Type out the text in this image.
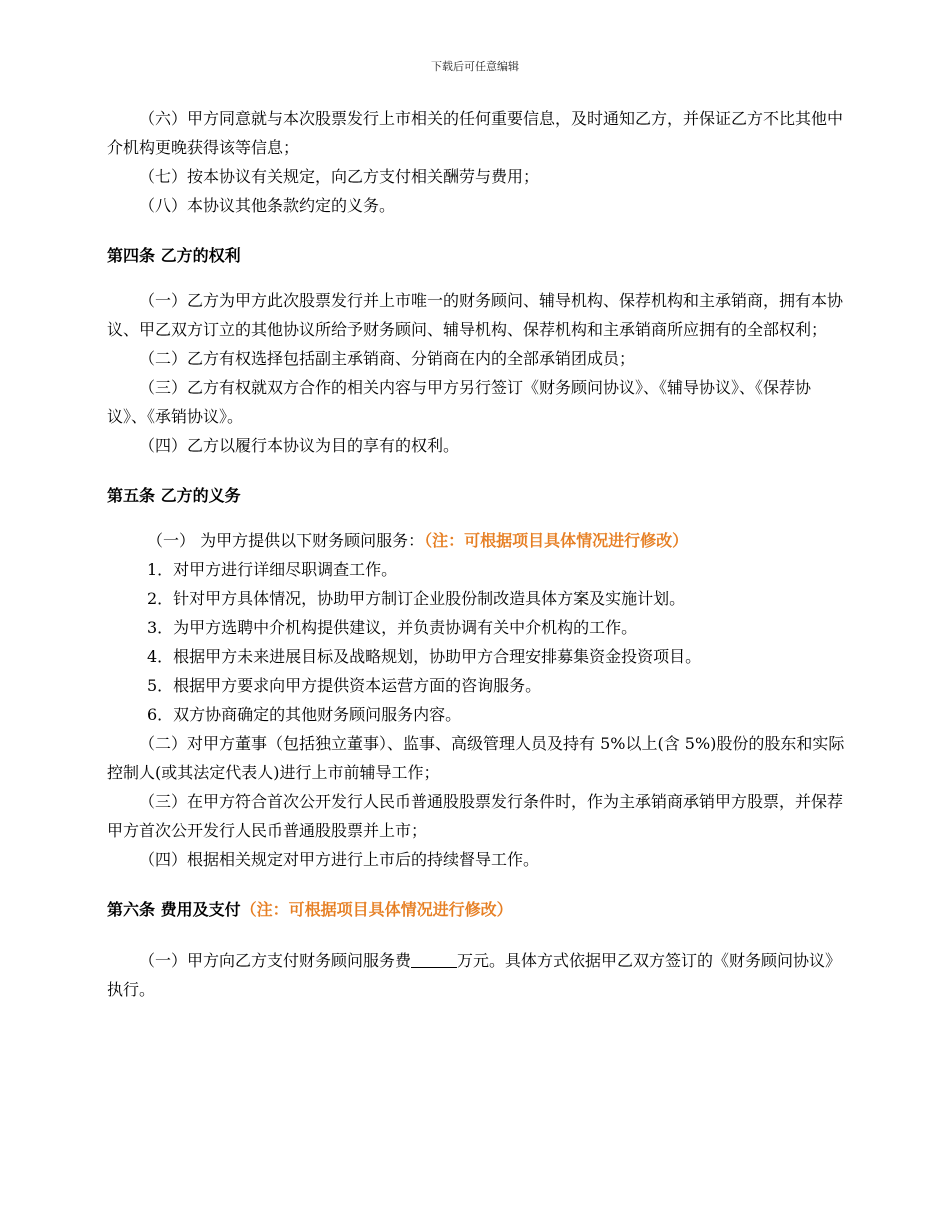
下载后可任意编辑

（六）甲方同意就与本次股票发行上市相关的任何重要信息，及时通知乙方，并保证乙方不比其他中介机构更晚获得该等信息；

（七）按本协议有关规定，向乙方支付相关酬劳与费用；

（八）本协议其他条款约定的义务。

第四条 乙方的权利

（一）乙方为甲方此次股票发行并上市唯一的财务顾问、辅导机构、保荐机构和主承销商，拥有本协议、甲乙双方订立的其他协议所给予财务顾问、辅导机构、保荐机构和主承销商所应拥有的全部权利；

（二）乙方有权选择包括副主承销商、分销商在内的全部承销团成员；

（三）乙方有权就双方合作的相关内容与甲方另行签订《财务顾问协议》、《辅导协议》、《保荐协议》、《承销协议》。

（四）乙方以履行本协议为目的享有的权利。

第五条 乙方的义务

（一） 为甲方提供以下财务顾问服务：（注：可根据项目具体情况进行修改）

1．对甲方进行详细尽职调查工作。

2．针对甲方具体情况，协助甲方制订企业股份制改造具体方案及实施计划。

3．为甲方选聘中介机构提供建议，并负责协调有关中介机构的工作。

4．根据甲方未来进展目标及战略规划，协助甲方合理安排募集资金投资项目。

5．根据甲方要求向甲方提供资本运营方面的咨询服务。

6．双方协商确定的其他财务顾问服务内容。

（二）对甲方董事（包括独立董事）、监事、高级管理人员及持有 5%以上(含 5%)股份的股东和实际控制人(或其法定代表人)进行上市前辅导工作；

（三）在甲方符合首次公开发行人民币普通股股票发行条件时，作为主承销商承销甲方股票，并保荐甲方首次公开发行人民币普通股股票并上市；

（四）根据相关规定对甲方进行上市后的持续督导工作。

第六条 费用及支付（注：可根据项目具体情况进行修改）

（一）甲方向乙方支付财务顾问服务费	万元。具体方式依据甲乙双方签订的《财务顾问协议》执行。
